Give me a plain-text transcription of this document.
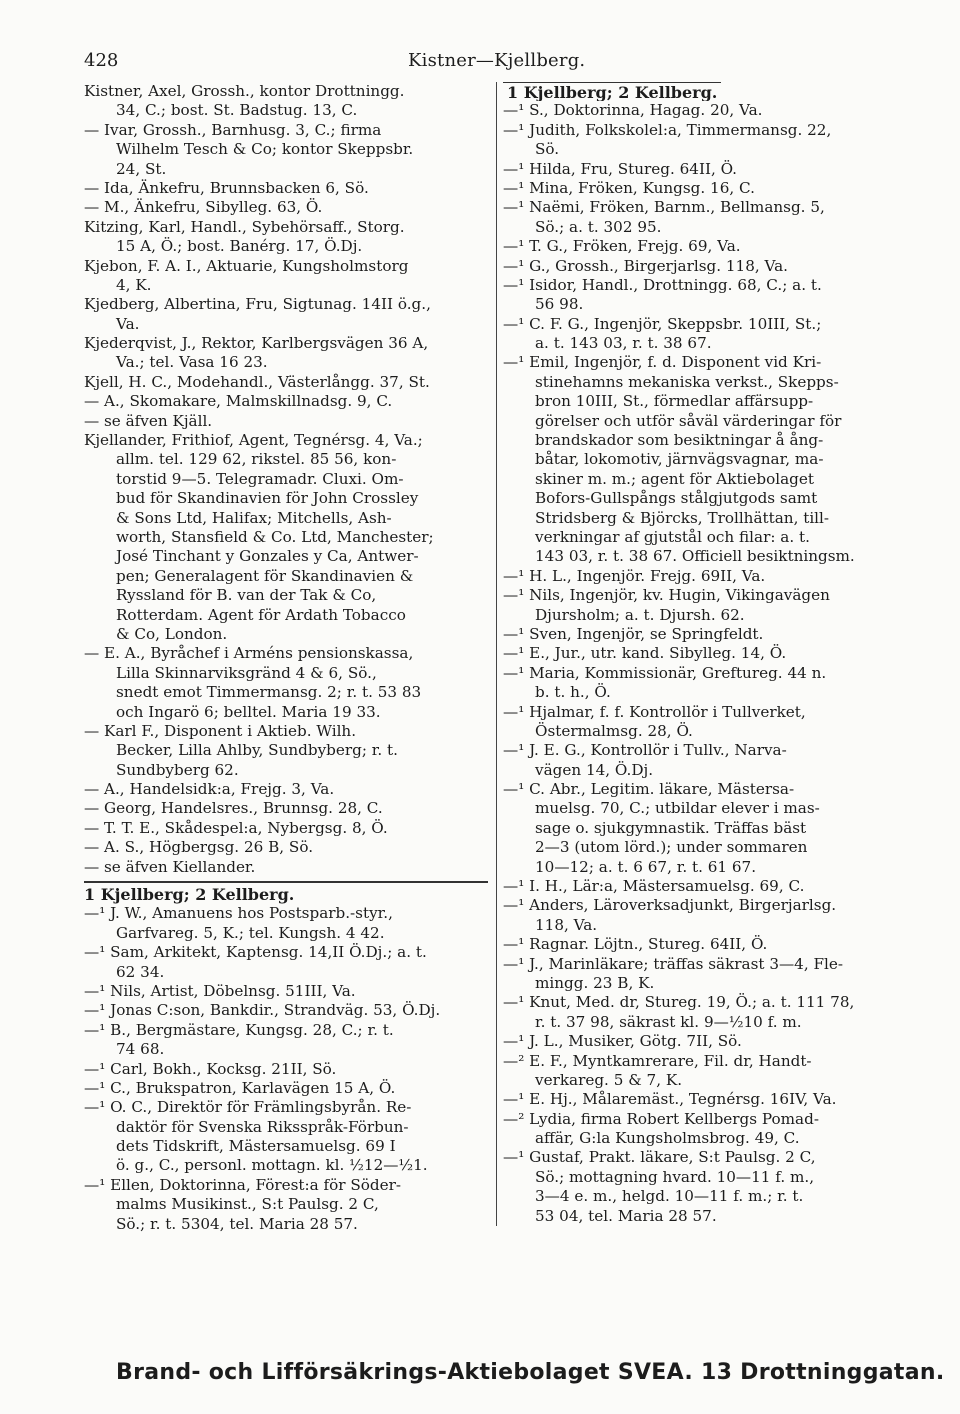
428	Kistner—Kjellberg.
Kistner, Axel, Grossh., kontor Drottningg.
34, C.; bost. St. Badstug. 13, C.
— Ivar, Grossh., Barnhusg. 3, C.; firma
Wilhelm Tesch & Co; kontor Skeppsbr.
24, St.
— Ida, Änkefru, Brunnsbacken 6, Sö.
— M., Änkefru, Sibylleg. 63, Ö.
Kitzing, Karl, Handl., Sybehörsaff., Storg.
15 A, Ö.; bost. Banérg. 17, Ö.Dj.
Kjebon, F. A. I., Aktuarie, Kungsholmstorg
4, K.
Kjedberg, Albertina, Fru, Sigtunag. 14II ö.g.,
Va.
Kjederqvist, J., Rektor, Karlbergsvägen 36 A,
Va.; tel. Vasa 16 23.
Kjell, H. C., Modehandl., Västerlångg. 37, St.
— A., Skomakare, Malmskillnadsg. 9, C.
— se äfven Kjäll.
Kjellander, Frithiof, Agent, Tegnérsg. 4, Va.;
allm. tel. 129 62, rikstel. 85 56, kon-
torstid 9—5. Telegramadr. Cluxi. Om-
bud för Skandinavien för John Crossley
& Sons Ltd, Halifax; Mitchells, Ash-
worth, Stansfield & Co. Ltd, Manchester;
José Tinchant y Gonzales y Ca, Antwer-
pen; Generalagent för Skandinavien &
Ryssland för B. van der Tak & Co,
Rotterdam. Agent för Ardath Tobacco
& Co, London.
— E. A., Byråchef i Arméns pensionskassa,
Lilla Skinnarviksgränd 4 & 6, Sö.,
snedt emot Timmermansg. 2; r. t. 53 83
och Ingarö 6; belltel. Maria 19 33.
— Karl F., Disponent i Aktieb. Wilh.
Becker, Lilla Ahlby, Sundbyberg; r. t.
Sundbyberg 62.
— A., Handelsidk:a, Frejg. 3, Va.
— Georg, Handelsres., Brunnsg. 28, C.
— T. T. E., Skådespel:a, Nybergsg. 8, Ö.
— A. S., Högbergsg. 26 B, Sö.
— se äfven Kiellander.
1 Kjellberg; 2 Kellberg.
—¹ J. W., Amanuens hos Postsparb.-styr.,
Garfvareg. 5, K.; tel. Kungsh. 4 42.
—¹ Sam, Arkitekt, Kaptensg. 14,II Ö.Dj.; a. t.
62 34.
—¹ Nils, Artist, Döbelnsg. 51III, Va.
—¹ Jonas C:son, Bankdir., Strandväg. 53, Ö.Dj.
—¹ B., Bergmästare, Kungsg. 28, C.; r. t.
74 68.
—¹ Carl, Bokh., Kocksg. 21II, Sö.
—¹ C., Brukspatron, Karlavägen 15 A, Ö.
—¹ O. C., Direktör för Främlingsbyrån. Re-
daktör för Svenska Riksspråk-Förbun-
dets Tidskrift, Mästersamuelsg. 69 I
ö. g., C., personl. mottagn. kl. ½12—½1.
—¹ Ellen, Doktorinna, Förest:a för Söder-
malms Musikinst., S:t Paulsg. 2 C,
Sö.; r. t. 5304, tel. Maria 28 57.
1 Kjellberg; 2 Kellberg.
—¹ S., Doktorinna, Hagag. 20, Va.
—¹ Judith, Folkskolel:a, Timmermansg. 22,
Sö.
—¹ Hilda, Fru, Stureg. 64II, Ö.
—¹ Mina, Fröken, Kungsg. 16, C.
—¹ Naëmi, Fröken, Barnm., Bellmansg. 5,
Sö.; a. t. 302 95.
—¹ T. G., Fröken, Frejg. 69, Va.
—¹ G., Grossh., Birgerjarlsg. 118, Va.
—¹ Isidor, Handl., Drottningg. 68, C.; a. t.
56 98.
—¹ C. F. G., Ingenjör, Skeppsbr. 10III, St.;
a. t. 143 03, r. t. 38 67.
—¹ Emil, Ingenjör, f. d. Disponent vid Kri-
stinehamns mekaniska verkst., Skepps-
bron 10III, St., förmedlar affärsupp-
görelser och utför såväl värderingar för
brandskador som besiktningar å ång-
båtar, lokomotiv, järnvägsvagnar, ma-
skiner m. m.; agent för Aktiebolaget
Bofors-Gullspångs stålgjutgods samt
Stridsberg & Björcks, Trollhättan, till-
verkningar af gjutstål och filar: a. t.
143 03, r. t. 38 67. Officiell besiktningsm.
—¹ H. L., Ingenjör. Frejg. 69II, Va.
—¹ Nils, Ingenjör, kv. Hugin, Vikingavägen
Djursholm; a. t. Djursh. 62.
—¹ Sven, Ingenjör, se Springfeldt.
—¹ E., Jur., utr. kand. Sibylleg. 14, Ö.
—¹ Maria, Kommissionär, Greftureg. 44 n.
b. t. h., Ö.
—¹ Hjalmar, f. f. Kontrollör i Tullverket,
Östermalmsg. 28, Ö.
—¹ J. E. G., Kontrollör i Tullv., Narva-
vägen 14, Ö.Dj.
—¹ C. Abr., Legitim. läkare, Mästersa-
muelsg. 70, C.; utbildar elever i mas-
sage o. sjukgymnastik. Träffas bäst
2—3 (utom lörd.); under sommaren
10—12; a. t. 6 67, r. t. 61 67.
—¹ I. H., Lär:a, Mästersamuelsg. 69, C.
—¹ Anders, Läroverksadjunkt, Birgerjarlsg.
118, Va.
—¹ Ragnar. Löjtn., Stureg. 64II, Ö.
—¹ J., Marinläkare; träffas säkrast 3—4, Fle-
mingg. 23 B, K.
—¹ Knut, Med. dr, Stureg. 19, Ö.; a. t. 111 78,
r. t. 37 98, säkrast kl. 9—½10 f. m.
—¹ J. L., Musiker, Götg. 7II, Sö.
—² E. F., Myntkamrerare, Fil. dr, Handt-
verkareg. 5 & 7, K.
—¹ E. Hj., Målaremäst., Tegnérsg. 16IV, Va.
—² Lydia, firma Robert Kellbergs Pomad-
affär, G:la Kungsholmsbrog. 49, C.
—¹ Gustaf, Prakt. läkare, S:t Paulsg. 2 C,
Sö.; mottagning hvard. 10—11 f. m.,
3—4 e. m., helgd. 10—11 f. m.; r. t.
53 04, tel. Maria 28 57.
Brand- och Lifförsäkrings-Aktiebolaget SVEA. 13 Drottninggatan.
